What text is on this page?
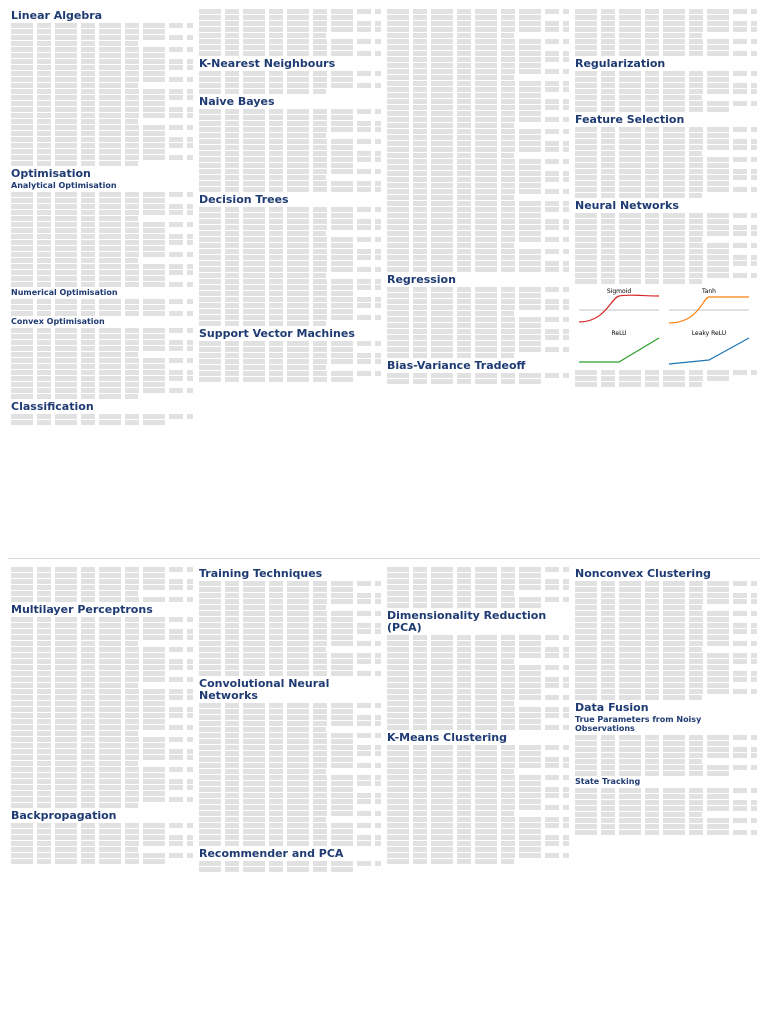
Linear Algebra
Optimisation
Analytical Optimisation
Numerical Optimisation
Convex Optimisation
Classification
K-Nearest Neighbours
Naive Bayes
Decision Trees
Support Vector Machines
Regression
Bias-Variance Tradeoff
Regularization
Feature Selection
Neural Networks
Sigmoid	Tanh
ReLU	Leaky ReLU
Multilayer Perceptrons
Backpropagation
Training Techniques
Convolutional Neural Networks
Recommender and PCA
Dimensionality Reduction (PCA)
K-Means Clustering
Nonconvex Clustering
Data Fusion
True Parameters from Noisy Observations
State Tracking
